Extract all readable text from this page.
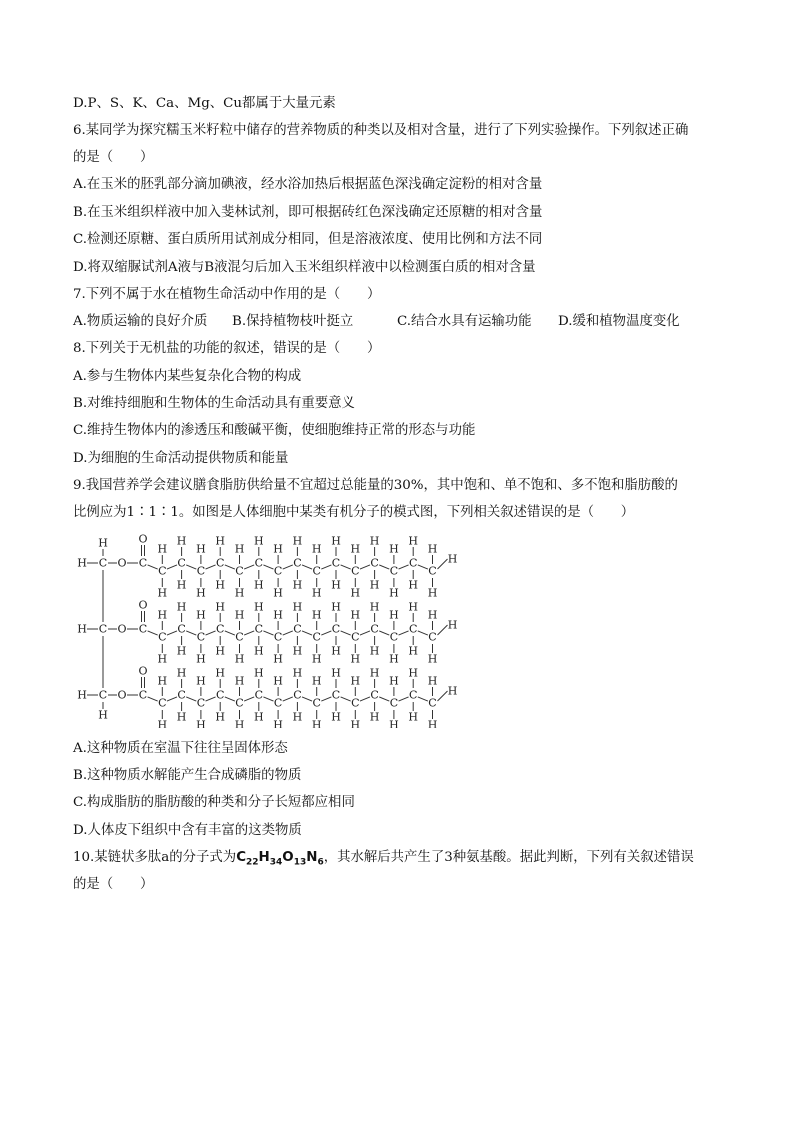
D.P、S、K、Ca、Mg、Cu都属于大量元素
6.某同学为探究糯玉米籽粒中储存的营养物质的种类以及相对含量，进行了下列实验操作。下列叙述正确
的是（　　）
A.在玉米的胚乳部分滴加碘液，经水浴加热后根据蓝色深浅确定淀粉的相对含量
B.在玉米组织样液中加入斐林试剂，即可根据砖红色深浅确定还原糖的相对含量
C.检测还原糖、蛋白质所用试剂成分相同，但是溶液浓度、使用比例和方法不同
D.将双缩脲试剂A液与B液混匀后加入玉米组织样液中以检测蛋白质的相对含量
7.下列不属于水在植物生命活动中作用的是（　　）
A.物质运输的良好介质 B.保持植物枝叶挺立	C.结合水具有运输功能 D.缓和植物温度变化
8.下列关于无机盐的功能的叙述，错误的是（　　）
A.参与生物体内某些复杂化合物的构成
B.对维持细胞和生物体的生命活动具有重要意义
C.维持生物体内的渗透压和酸碱平衡，使细胞维持正常的形态与功能
D.为细胞的生命活动提供物质和能量
9.我国营养学会建议膳食脂肪供给量不宜超过总能量的30%，其中饱和、单不饱和、多不饱和脂肪酸的
比例应为1∶1∶1。如图是人体细胞中某类有机分子的模式图，下列相关叙述错误的是（　　）
H
H
H C O C
O
C
H
H
C
H
H
C
H
H
C
H
H
C
H
H
C
H
H
C
H
H
C
H
H
C
H
H
C
H
H
C
H
H
C
H
H
C
H
H
C
H
H
C
H
H
H
H C O C
O
C
H
H
C
H
H
C
H
H
C
H
H
C
H
H
C
H
H
C
H
H
C
H
H
C
H
H
C
H
H
C
H
H
C
H
H
C
H
H
C
H
H
C
H
H
H
H C O C
O
C
H
H
C
H
H
C
H
H
C
H
H
C
H
H
C
H
H
C
H
H
C
H
H
C
H
H
C
H
H
C
H
H
C
H
H
C
H
H
C
H
H
C
H
H
H
A.这种物质在室温下往往呈固体形态
B.这种物质水解能产生合成磷脂的物质
C.构成脂肪的脂肪酸的种类和分子长短都应相同
D.人体皮下组织中含有丰富的这类物质
10.某链状多肽a的分子式为$C_{22}H_{34}O_{13}N_6$，其水解后共产生了3种氨基酸。据此判断，下列有关叙述错误
的是（　　）
